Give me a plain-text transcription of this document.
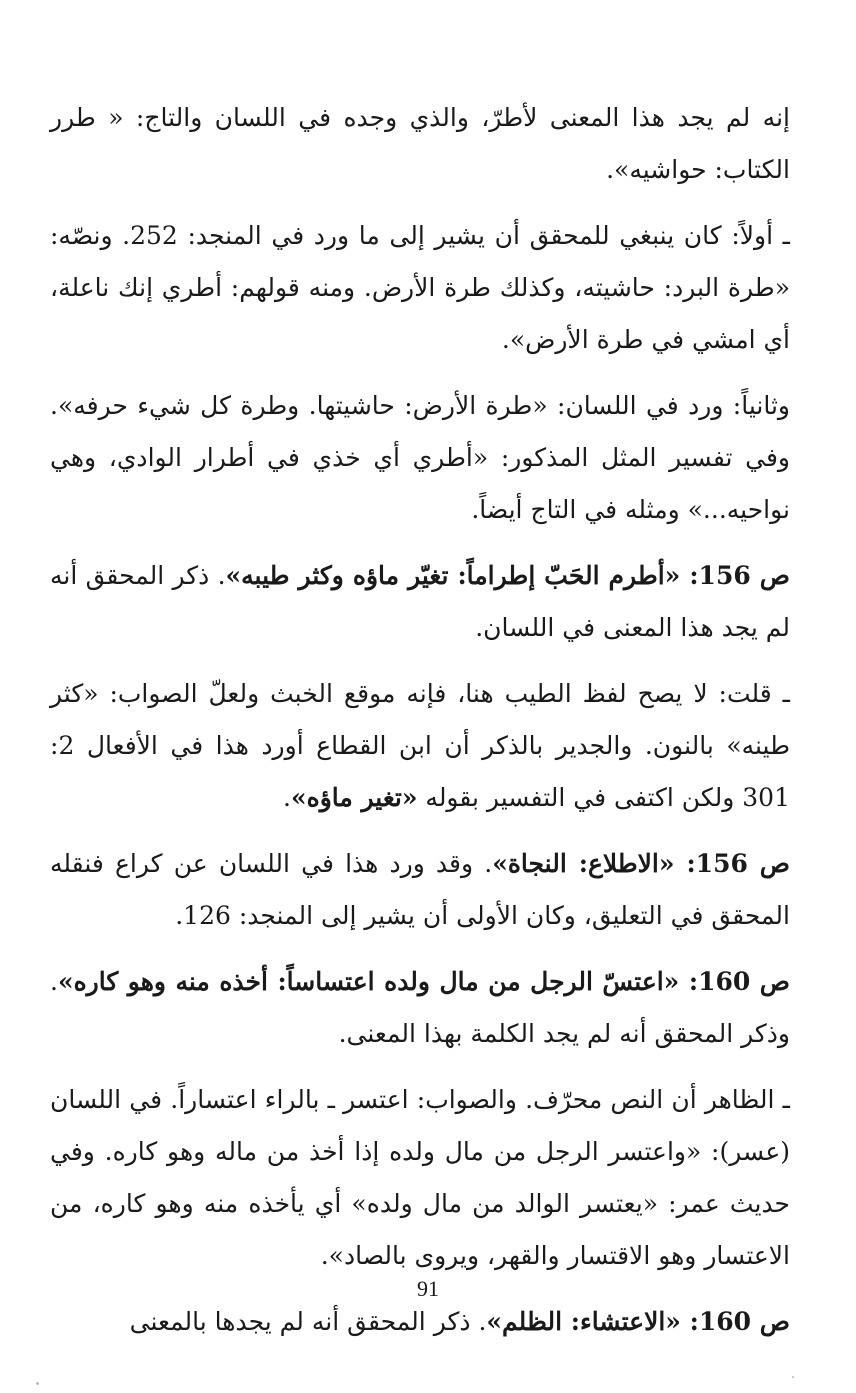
إنه لم يجد هذا المعنى لأطرّ، والذي وجده في اللسان والتاج: « طرر الكتاب: حواشيه».

ـ أولاً: كان ينبغي للمحقق أن يشير إلى ما ورد في المنجد: 252. ونصّه: «طرة البرد: حاشيته، وكذلك طرة الأرض. ومنه قولهم: أطري إنك ناعلة، أي امشي في طرة الأرض».

وثانياً: ورد في اللسان: «طرة الأرض: حاشيتها. وطرة كل شيء حرفه». وفي تفسير المثل المذكور: «أطري أي خذي في أطرار الوادي، وهي نواحيه...» ومثله في التاج أيضاً.

ص 156: «أطرم الحَبّ إطراماً: تغيّر ماؤه وكثر طيبه». ذكر المحقق أنه لم يجد هذا المعنى في اللسان.

ـ قلت: لا يصح لفظ الطيب هنا، فإنه موقع الخبث ولعلّ الصواب: «كثر طينه» بالنون. والجدير بالذكر أن ابن القطاع أورد هذا في الأفعال 2: 301 ولكن اكتفى في التفسير بقوله «تغير ماؤه».

ص 156: «الاطلاع: النجاة». وقد ورد هذا في اللسان عن كراع فنقله المحقق في التعليق، وكان الأولى أن يشير إلى المنجد: 126.

ص 160: «اعتسّ الرجل من مال ولده اعتساساً: أخذه منه وهو كاره». وذكر المحقق أنه لم يجد الكلمة بهذا المعنى.

ـ الظاهر أن النص محرّف. والصواب: اعتسر ـ بالراء اعتساراً. في اللسان (عسر): «واعتسر الرجل من مال ولده إذا أخذ من ماله وهو كاره. وفي حديث عمر: «يعتسر الوالد من مال ولده» أي يأخذه منه وهو كاره، من الاعتسار وهو الاقتسار والقهر، ويروى بالصاد».

ص 160: «الاعتشاء: الظلم». ذكر المحقق أنه لم يجدها بالمعنى

91
